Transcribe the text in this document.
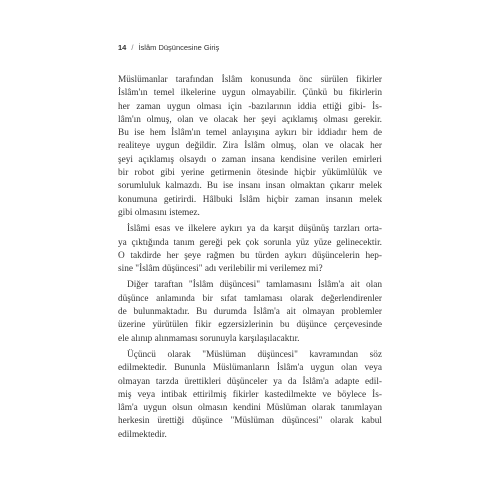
14 / İslâm Düşüncesine Giriş
Müslümanlar tarafından İslâm konusunda önc sürülen fikirler
İslâm'ın temel ilkelerine uygun olmayabilir. Çünkü bu fikirlerin
her zaman uygun olması için -bazılarının iddia ettiği gibi- İs-
lâm'ın olmuş, olan ve olacak her şeyi açıklamış olması gerekir.
Bu ise hem İslâm'ın temel anlayışına aykırı bir iddiadır hem de
realiteye uygun değildir. Zira İslâm olmuş, olan ve olacak her
şeyi açıklamış olsaydı o zaman insana kendisine verilen emirleri
bir robot gibi yerine getirmenin ötesinde hiçbir yükümlülük ve
sorumluluk kalmazdı. Bu ise insanı insan olmaktan çıkarır melek
konumuna getirirdi. Hâlbuki İslâm hiçbir zaman insanın melek
gibi olmasını istemez.
İslâmi esas ve ilkelere aykırı ya da karşıt düşünüş tarzları orta-
ya çıktığında tanım gereği pek çok sorunla yüz yüze gelinecektir.
O takdirde her şeye rağmen bu türden aykırı düşüncelerin hep-
sine "İslâm düşüncesi" adı verilebilir mi verilemez mi?
Diğer taraftan "İslâm düşüncesi" tamlamasını İslâm'a ait olan
düşünce anlamında bir sıfat tamlaması olarak değerlendirenler
de bulunmaktadır. Bu durumda İslâm'a ait olmayan problemler
üzerine yürütülen fikir egzersizlerinin bu düşünce çerçevesinde
ele alınıp alınmaması sorunuyla karşılaşılacaktır.
Üçüncü olarak "Müslüman düşüncesi" kavramından söz
edilmektedir. Bununla Müslümanların İslâm'a uygun olan veya
olmayan tarzda ürettikleri düşünceler ya da İslâm'a adapte edil-
miş veya intibak ettirilmiş fikirler kastedilmekte ve böylece İs-
lâm'a uygun olsun olmasın kendini Müslüman olarak tanımlayan
herkesin ürettiği düşünce "Müslüman düşüncesi" olarak kabul
edilmektedir.
